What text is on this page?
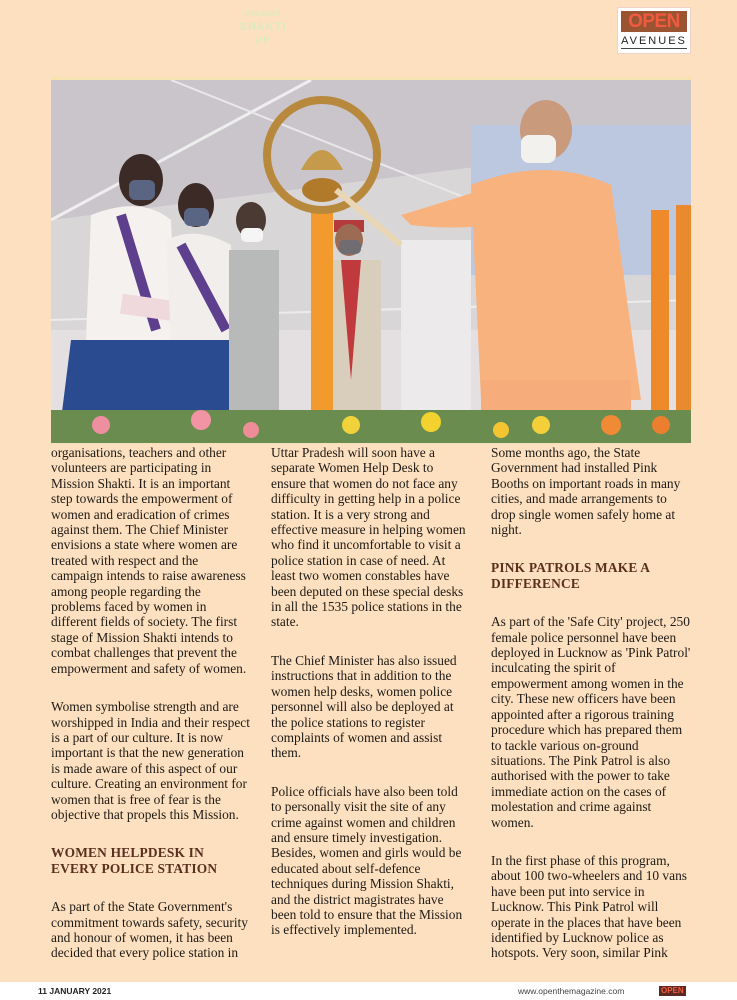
MISSION
SHAKTI
UP
OPEN
AVENUES

organisations, teachers and other volunteers are participating in Mission Shakti. It is an important step towards the empowerment of women and eradication of crimes against them. The Chief Minister envisions a state where women are treated with respect and the campaign intends to raise awareness among people regarding the problems faced by women in different fields of society. The first stage of Mission Shakti intends to combat challenges that prevent the empowerment and safety of women.

Women symbolise strength and are worshipped in India and their respect is a part of our culture. It is now important is that the new generation is made aware of this aspect of our culture. Creating an environment for women that is free of fear is the objective that propels this Mission.

WOMEN HELPDESK IN EVERY POLICE STATION

As part of the State Government's commitment towards safety, security and honour of women, it has been decided that every police station in

Uttar Pradesh will soon have a separate Women Help Desk to ensure that women do not face any difficulty in getting help in a police station. It is a very strong and effective measure in helping women who find it uncomfortable to visit a police station in case of need. At least two women constables have been deputed on these special desks in all the 1535 police stations in the state.

The Chief Minister has also issued instructions that in addition to the women help desks, women police personnel will also be deployed at the police stations to register complaints of women and assist them.

Police officials have also been told to personally visit the site of any crime against women and children and ensure timely investigation. Besides, women and girls would be educated about self-defence techniques during Mission Shakti, and the district magistrates have been told to ensure that the Mission is effectively implemented.

Some months ago, the State Government had installed Pink Booths on important roads in many cities, and made arrangements to drop single women safely home at night.

PINK PATROLS MAKE A DIFFERENCE

As part of the 'Safe City' project, 250 female police personnel have been deployed in Lucknow as 'Pink Patrol' inculcating the spirit of empowerment among women in the city. These new officers have been appointed after a rigorous training procedure which has prepared them to tackle various on-ground situations. The Pink Patrol is also authorised with the power to take immediate action on the cases of molestation and crime against women.

In the first phase of this program, about 100 two-wheelers and 10 vans have been put into service in Lucknow. This Pink Patrol will operate in the places that have been identified by Lucknow police as hotspots. Very soon, similar Pink

11 JANUARY 2021	www.openthemagazine.com	OPEN
